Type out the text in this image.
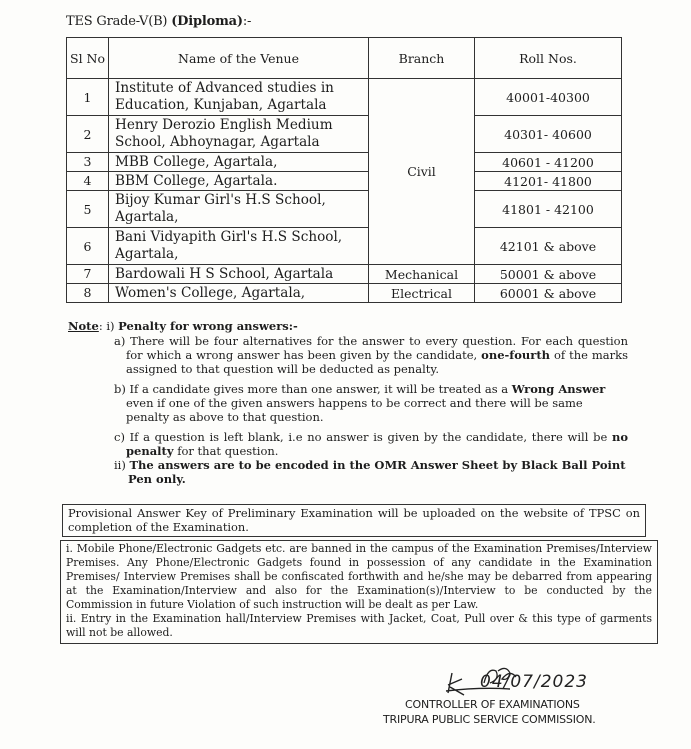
TES Grade-V(B) (Diploma):-
Sl No	Name of the Venue	Branch	Roll Nos.
1	Institute of Advanced studies in
Education, Kunjaban, Agartala	Civil	40001-40300
2	Henry Derozio English Medium
School, Abhoynagar, Agartala		40301- 40600
3	MBB College, Agartala,		40601 - 41200
4	BBM College, Agartala.		41201- 41800
5	Bijoy Kumar Girl's H.S School,
Agartala,		41801 - 42100
6	Bani Vidyapith Girl's H.S School,
Agartala,		42101 & above
7	Bardowali H S School, Agartala	Mechanical	50001 & above
8	Women's College, Agartala,	Electrical	60001 & above
Note: i) Penalty for wrong answers:-
a) There will be four alternatives for the answer to every question. For each question for which a wrong answer has been given by the candidate, one-fourth of the marks assigned to that question will be deducted as penalty.
b) If a candidate gives more than one answer, it will be treated as a Wrong Answer even if one of the given answers happens to be correct and there will be same penalty as above to that question.
c) If a question is left blank, i.e no answer is given by the candidate, there will be no penalty for that question.
ii) The answers are to be encoded in the OMR Answer Sheet by Black Ball Point Pen only.
Provisional Answer Key of Preliminary Examination will be uploaded on the website of TPSC on completion of the Examination.

i. Mobile Phone/Electronic Gadgets etc. are banned in the campus of the Examination Premises/Interview Premises. Any Phone/Electronic Gadgets found in possession of any candidate in the Examination Premises/ Interview Premises shall be confiscated forthwith and he/she may be debarred from appearing at the Examination/Interview and also for the Examination(s)/Interview to be conducted by the Commission in future Violation of such instruction will be dealt as per Law.

ii. Entry in the Examination hall/Interview Premises with Jacket, Coat, Pull over & this type of garments will not be allowed.

04/07/2023
CONTROLLER OF EXAMINATIONS
TRIPURA PUBLIC SERVICE COMMISSION.
